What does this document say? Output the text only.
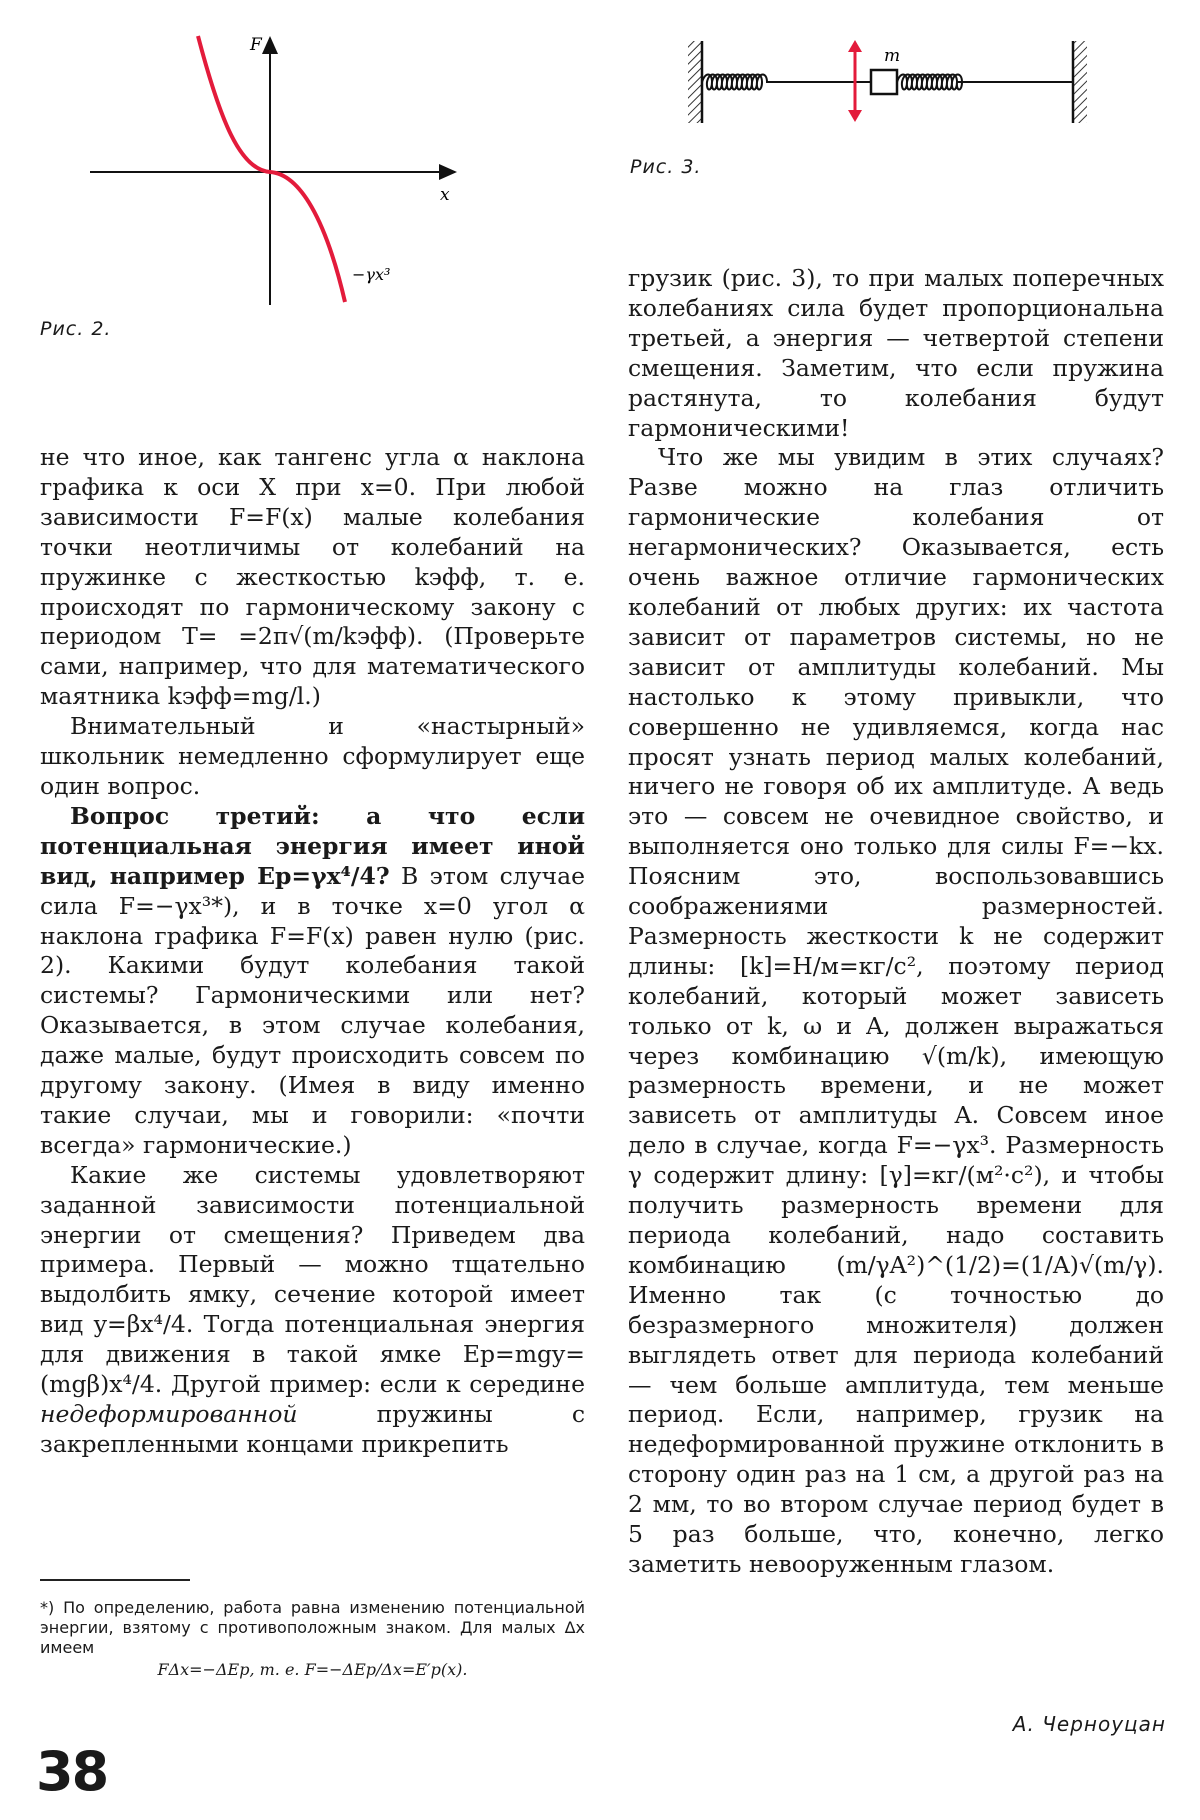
F
x
−γx³
Рис. 2.
m
Рис. 3.

не что иное, как тангенс угла α наклона графика к оси X при x=0. При любой зависимости F=F(x) малые колебания точки неотличимы от колебаний на пружинке с жесткостью kэфф, т. е. происходят по гармоническому закону с периодом T= =2π√(m/kэфф). (Проверьте сами, например, что для математического маятника kэфф=mg/l.)

Внимательный и «настырный» школьник немедленно сформулирует еще один вопрос.

Вопрос третий: а что если потенциальная энергия имеет иной вид, например Ep=γx⁴/4? В этом случае сила F=−γx³*), и в точке x=0 угол α наклона графика F=F(x) равен нулю (рис. 2). Какими будут колебания такой системы? Гармоническими или нет? Оказывается, в этом случае колебания, даже малые, будут происходить совсем по другому закону. (Имея в виду именно такие случаи, мы и говорили: «почти всегда» гармонические.)

Какие же системы удовлетворяют заданной зависимости потенциальной энергии от смещения? Приведем два примера. Первый — можно тщательно выдолбить ямку, сечение которой имеет вид y=βx⁴/4. Тогда потенциальная энергия для движения в такой ямке Ep=mgy=(mgβ)x⁴/4. Другой пример: если к середине недеформированной пружины с закрепленными концами прикрепить

грузик (рис. 3), то при малых поперечных колебаниях сила будет пропорциональна третьей, а энергия — четвертой степени смещения. Заметим, что если пружина растянута, то колебания будут гармоническими!

Что же мы увидим в этих случаях? Разве можно на глаз отличить гармонические колебания от негармонических? Оказывается, есть очень важное отличие гармонических колебаний от любых других: их частота зависит от параметров системы, но не зависит от амплитуды колебаний. Мы настолько к этому привыкли, что совершенно не удивляемся, когда нас просят узнать период малых колебаний, ничего не говоря об их амплитуде. А ведь это — совсем не очевидное свойство, и выполняется оно только для силы F=−kx. Поясним это, воспользовавшись соображениями размерностей. Размерность жесткости k не содержит длины: [k]=Н/м=кг/с², поэтому период колебаний, который может зависеть только от k, ω и A, должен выражаться через комбинацию √(m/k), имеющую размерность времени, и не может зависеть от амплитуды A. Совсем иное дело в случае, когда F=−γx³. Размерность γ содержит длину: [γ]=кг/(м²·с²), и чтобы получить размерность времени для периода колебаний, надо составить комбинацию (m/γA²)^(1/2)=(1/A)√(m/γ). Именно так (с точностью до безразмерного множителя) должен выглядеть ответ для периода колебаний — чем больше амплитуда, тем меньше период. Если, например, грузик на недеформированной пружине отклонить в сторону один раз на 1 см, а другой раз на 2 мм, то во втором случае период будет в 5 раз больше, что, конечно, легко заметить невооруженным глазом.

*) По определению, работа равна изменению потенциальной энергии, взятому с противоположным знаком. Для малых Δx имеем
FΔx=−ΔEp, т. е. F=−ΔEp/Δx=E′p(x).
А. Черноуцан
38
